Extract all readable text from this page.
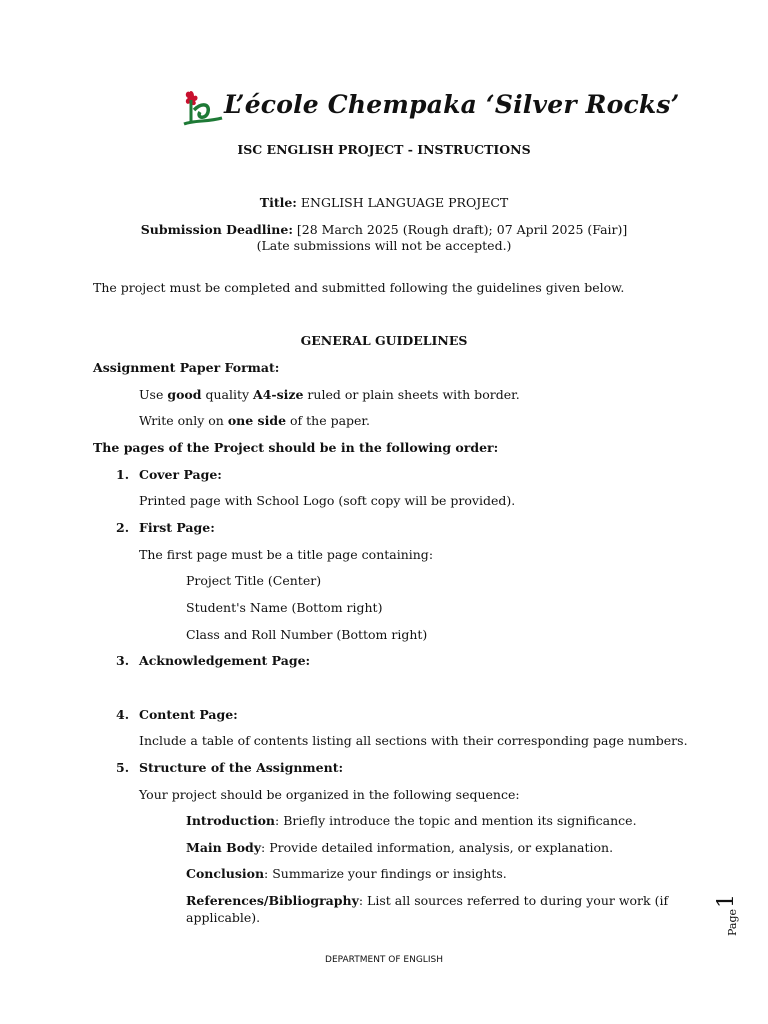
L’école Chempaka ‘Silver Rocks’
ISC ENGLISH PROJECT - INSTRUCTIONS
Title: ENGLISH LANGUAGE PROJECT
Submission Deadline: [28 March 2025 (Rough draft); 07 April 2025 (Fair)]
(Late submissions will not be accepted.)
The project must be completed and submitted following the guidelines given below.
GENERAL GUIDELINES
Assignment Paper Format:
Use good quality A4-size ruled or plain sheets with border.
Write only on one side of the paper.
The pages of the Project should be in the following order:
1. Cover Page:
Printed page with School Logo (soft copy will be provided).
2. First Page:
The first page must be a title page containing:
Project Title (Center)
Student's Name (Bottom right)
Class and Roll Number (Bottom right)
3. Acknowledgement Page:
4. Content Page:
Include a table of contents listing all sections with their corresponding page numbers.
5. Structure of the Assignment:
Your project should be organized in the following sequence:
Introduction: Briefly introduce the topic and mention its significance.
Main Body: Provide detailed information, analysis, or explanation.
Conclusion: Summarize your findings or insights.
References/Bibliography: List all sources referred to during your work (if
applicable).	Page
1
DEPARTMENT OF ENGLISH
